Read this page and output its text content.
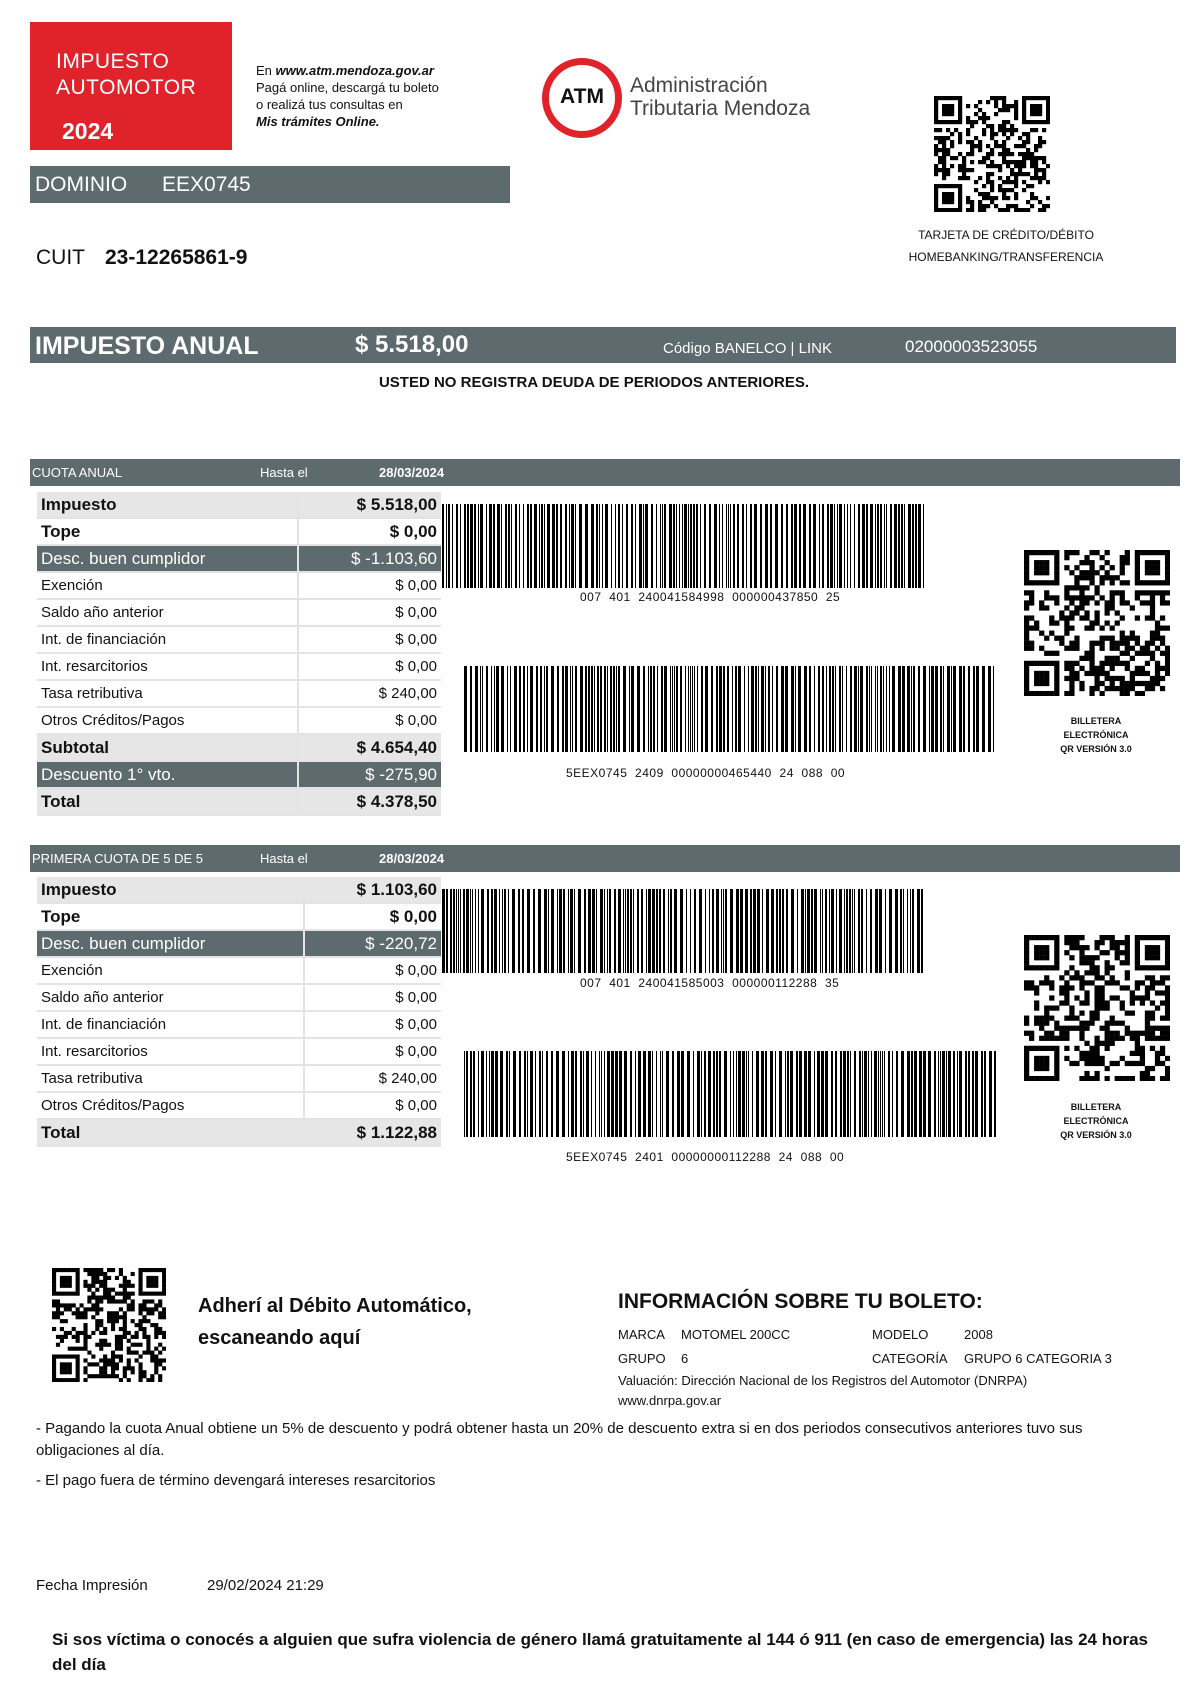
IMPUESTO
AUTOMOTOR
2024
En www.atm.mendoza.gov.ar
Pagá online, descargá tu boleto
o realizá tus consultas en
Mis trámites Online.
ATM	Administración
Tributaria Mendoza
TARJETA DE CRÉDITO/DÉBITO
HOMEBANKING/TRANSFERENCIA
DOMINIO EEX0745
CUIT 23-12265861-9
IMPUESTO ANUAL	$ 5.518,00	Código BANELCO | LINK	02000003523055
USTED NO REGISTRA DEUDA DE PERIODOS ANTERIORES.
CUOTA ANUAL	Hasta el	28/03/2024
Impuesto	$ 5.518,00
Tope	$ 0,00
Desc. buen cumplidor	$ -1.103,60
Exención	$ 0,00
Saldo año anterior	$ 0,00
Int. de financiación	$ 0,00
Int. resarcitorios	$ 0,00
Tasa retributiva	$ 240,00
Otros Créditos/Pagos	$ 0,00
Subtotal	$ 4.654,40
Descuento 1° vto.	$ -275,90
Total	$ 4.378,50
007  401  240041584998  000000437850  25
5EEX0745  2409  00000000465440  24  088  00
BILLETERA
ELECTRÓNICA
QR VERSIÓN 3.0
PRIMERA CUOTA DE 5 DE 5	Hasta el	28/03/2024
Impuesto	$ 1.103,60
Tope	$ 0,00
Desc. buen cumplidor	$ -220,72
Exención	$ 0,00
Saldo año anterior	$ 0,00
Int. de financiación	$ 0,00
Int. resarcitorios	$ 0,00
Tasa retributiva	$ 240,00
Otros Créditos/Pagos	$ 0,00
Total	$ 1.122,88
007  401  240041585003  000000112288  35
5EEX0745  2401  00000000112288  24  088  00
BILLETERA
ELECTRÓNICA
QR VERSIÓN 3.0
Adherí al Débito Automático,
escaneando aquí
INFORMACIÓN SOBRE TU BOLETO:
MARCA MOTOMEL 200CC	MODELO	2008
GRUPO 6	CATEGORÍA GRUPO 6 CATEGORIA 3
Valuación: Dirección Nacional de los Registros del Automotor (DNRPA)
www.dnrpa.gov.ar
- Pagando la cuota Anual obtiene un 5% de descuento y podrá obtener hasta un 20% de descuento extra si en dos periodos consecutivos anteriores tuvo sus obligaciones al día.
- El pago fuera de término devengará intereses resarcitorios
Fecha Impresión	29/02/2024 21:29
Si sos víctima o conocés a alguien que sufra violencia de género llamá gratuitamente al 144 ó 911 (en caso de emergencia) las 24 horas del día
